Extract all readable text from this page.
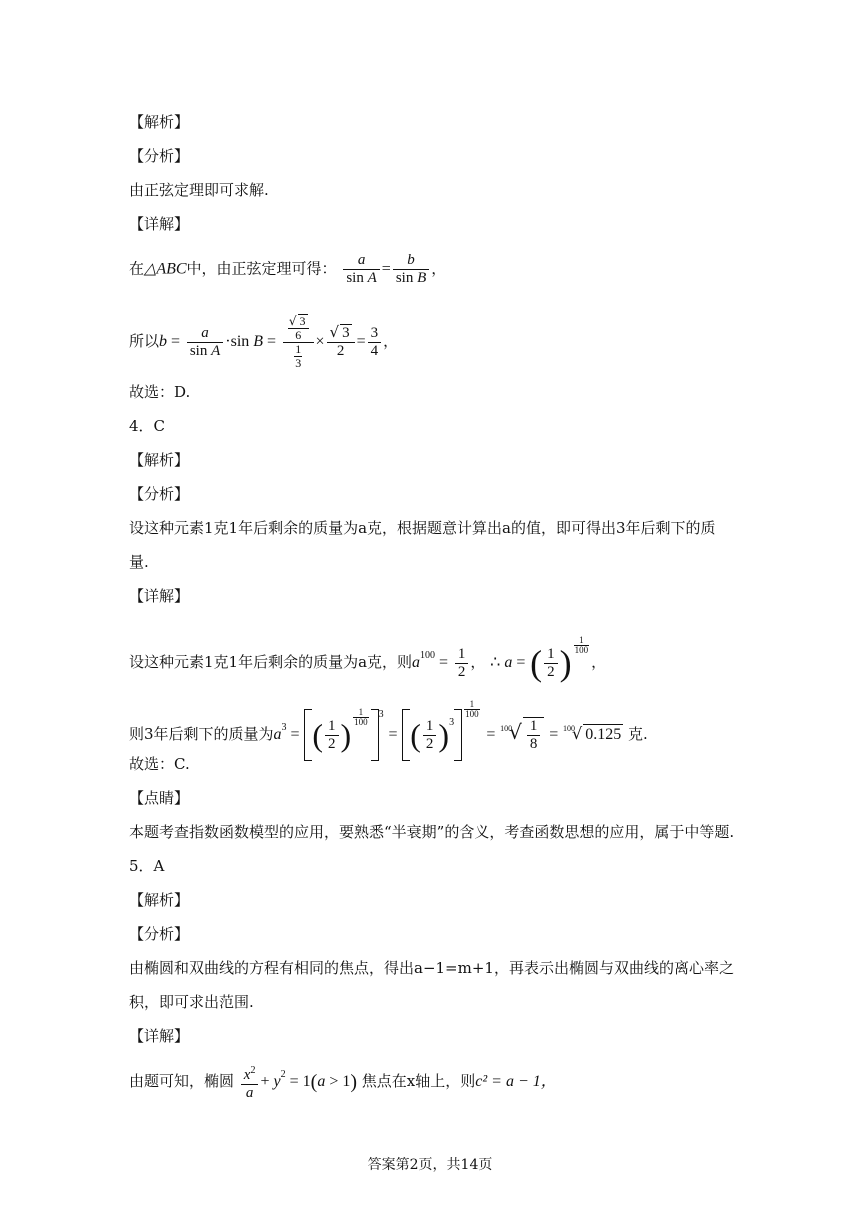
【解析】
【分析】
由正弦定理即可求解.
【详解】
在△ABC中，由正弦定理可得： $\frac{a}{\text{sin A}} = \frac{b}{\text{sin B}}$ ，
所以$b = \frac{a}{\text{sin A}} \cdot\sin$ $B = \frac{\frac{√ 3}{6}}{\frac{1}{3}} \times \frac{√ 3}{2} = \frac{3}{4}$ ，
故选：D.
4．C
【解析】
【分析】
设这种元素1克1年后剩余的质量为a克，根据题意计算出a的值，即可得出3年后剩下的质
量.
【详解】
设这种元素1克1年后剩余的质量为a克，则$a^{100} = \frac{1}{2}$ ， ∴ a = ( $\frac{1}{2}$ ) $\frac{1}{100}$
，
则3年后剩下的质量为$a^3$ = ( $\frac{1}{2}$ ) $\frac{1}{100} ^3$ = ( $\frac{1}{2} )^3$
$\frac{1}{100}$
= $^{100}√ \frac{1}{8} = ^{100}√$ 0.125 克.
故选：C.
【点睛】
本题考查指数函数模型的应用，要熟悉“半衰期”的含义，考查函数思想的应用，属于中等题.
5．A
【解析】
【分析】
由椭圆和双曲线的方程有相同的焦点，得出a−1=m+1，再表示出椭圆与双曲线的离心率之
积，即可求出范围.
【详解】
由题可知，椭圆 $\frac{x^2}{a} + y^2 = 1(a > 1)$ 焦点在x轴上，则c² = a − 1，
答案第2页，共14页
